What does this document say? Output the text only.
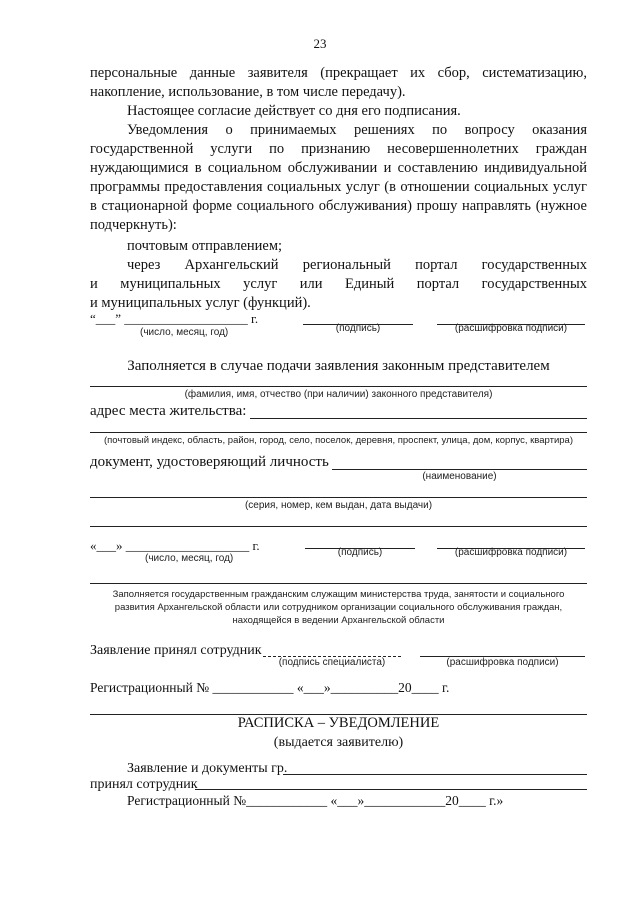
23
персональные данные заявителя (прекращает их сбор, систематизацию,
накопление, использование, в том числе передачу).
Настоящее согласие действует со дня его подписания.
Уведомления о принимаемых решениях по вопросу оказания
государственной услуги по признанию несовершеннолетних граждан
нуждающимися в социальном обслуживании и составлению индивидуальной
программы предоставления социальных услуг (в отношении социальных услуг
в стационарной форме социального обслуживания) прошу направлять (нужное
подчеркнуть):
почтовым отправлением;
через Архангельский региональный портал государственных
и муниципальных услуг или Единый портал государственных
и муниципальных услуг (функций).
“___” ___________________ г.
(число, месяц, год)	(подпись)	(расшифровка подписи)
Заполняется в случае подачи заявления законным представителем
(фамилия, имя, отчество (при наличии) законного представителя)
адрес места жительства:
(почтовый индекс, область, район, город, село, поселок, деревня, проспект, улица, дом, корпус, квартира)
документ, удостоверяющий личность
(наименование)
(серия, номер, кем выдан, дата выдачи)
«___» ___________________ г.
(число, месяц, год)
(подпись)	(расшифровка подписи)
Заполняется государственным гражданским служащим министерства труда, занятости и социального
развития Архангельской области или сотрудником организации социального обслуживания граждан,
находящейся в ведении Архангельской области
Заявление принял сотрудник
(подпись специалиста)	(расшифровка подписи)
Регистрационный № ____________ «___»__________20____ г.
РАСПИСКА – УВЕДОМЛЕНИЕ
(выдается заявителю)
Заявление и документы гр.
принял сотрудник
Регистрационный №____________ «___»____________20____ г.»
